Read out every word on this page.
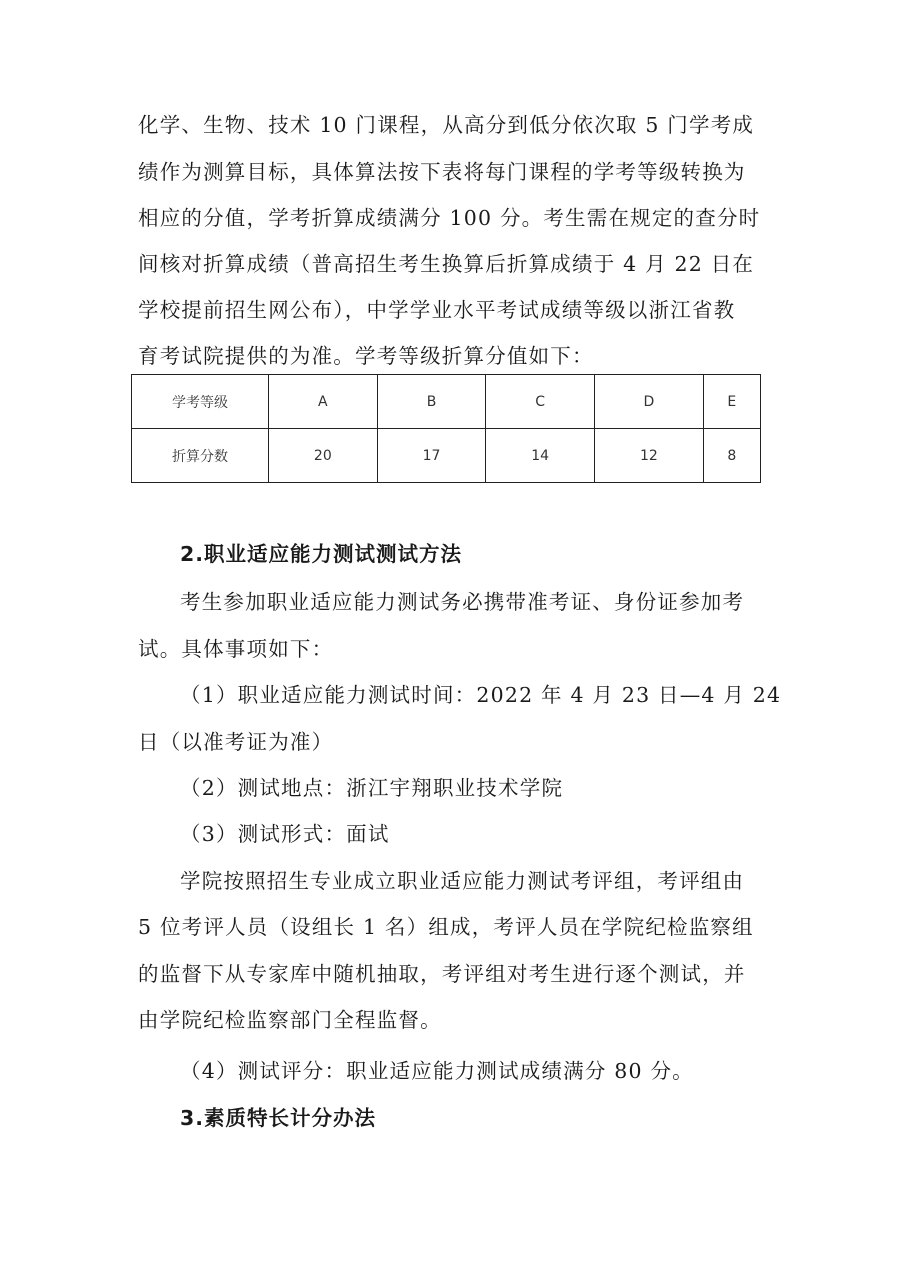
化学、生物、技术 10 门课程，从高分到低分依次取 5 门学考成
绩作为测算目标，具体算法按下表将每门课程的学考等级转换为
相应的分值，学考折算成绩满分 100 分。考生需在规定的查分时
间核对折算成绩（普高招生考生换算后折算成绩于 4 月 22 日在
学校提前招生网公布），中学学业水平考试成绩等级以浙江省教
育考试院提供的为准。学考等级折算分值如下：
学考等级	A	B	C	D	E
折算分数	20	17	14	12	8
2.职业适应能力测试测试方法
考生参加职业适应能力测试务必携带准考证、身份证参加考
试。具体事项如下：
（1）职业适应能力测试时间：2022 年 4 月 23 日—4 月 24
日（以准考证为准）
（2）测试地点：浙江宇翔职业技术学院
（3）测试形式：面试
学院按照招生专业成立职业适应能力测试考评组，考评组由
5 位考评人员（设组长 1 名）组成，考评人员在学院纪检监察组
的监督下从专家库中随机抽取，考评组对考生进行逐个测试，并
由学院纪检监察部门全程监督。
（4）测试评分：职业适应能力测试成绩满分 80 分。
3.素质特长计分办法
